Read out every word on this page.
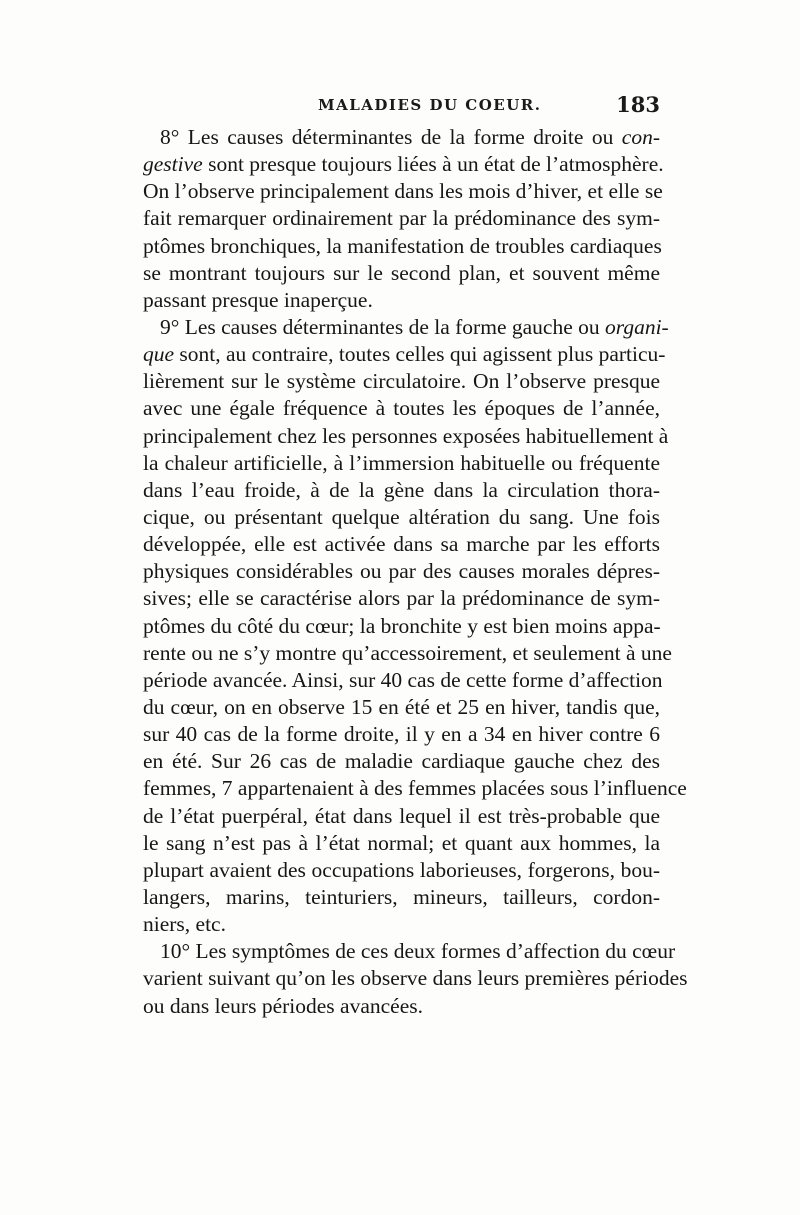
MALADIES DU COEUR.	183
8° Les causes déterminantes de la forme droite ou con-
gestive sont presque toujours liées à un état de l’atmosphère.
On l’observe principalement dans les mois d’hiver, et elle se
fait remarquer ordinairement par la prédominance des sym-
ptômes bronchiques, la manifestation de troubles cardiaques
se montrant toujours sur le second plan, et souvent même
passant presque inaperçue.
9° Les causes déterminantes de la forme gauche ou organi-
que sont, au contraire, toutes celles qui agissent plus particu-
lièrement sur le système circulatoire. On l’observe presque
avec une égale fréquence à toutes les époques de l’année,
principalement chez les personnes exposées habituellement à
la chaleur artificielle, à l’immersion habituelle ou fréquente
dans l’eau froide, à de la gène dans la circulation thora-
cique, ou présentant quelque altération du sang. Une fois
développée, elle est activée dans sa marche par les efforts
physiques considérables ou par des causes morales dépres-
sives; elle se caractérise alors par la prédominance de sym-
ptômes du côté du cœur; la bronchite y est bien moins appa-
rente ou ne s’y montre qu’accessoirement, et seulement à une
période avancée. Ainsi, sur 40 cas de cette forme d’affection
du cœur, on en observe 15 en été et 25 en hiver, tandis que,
sur 40 cas de la forme droite, il y en a 34 en hiver contre 6
en été. Sur 26 cas de maladie cardiaque gauche chez des
femmes, 7 appartenaient à des femmes placées sous l’influence
de l’état puerpéral, état dans lequel il est très-probable que
le sang n’est pas à l’état normal; et quant aux hommes, la
plupart avaient des occupations laborieuses, forgerons, bou-
langers, marins, teinturiers, mineurs, tailleurs, cordon-
niers, etc.
10° Les symptômes de ces deux formes d’affection du cœur
varient suivant qu’on les observe dans leurs premières périodes
ou dans leurs périodes avancées.
